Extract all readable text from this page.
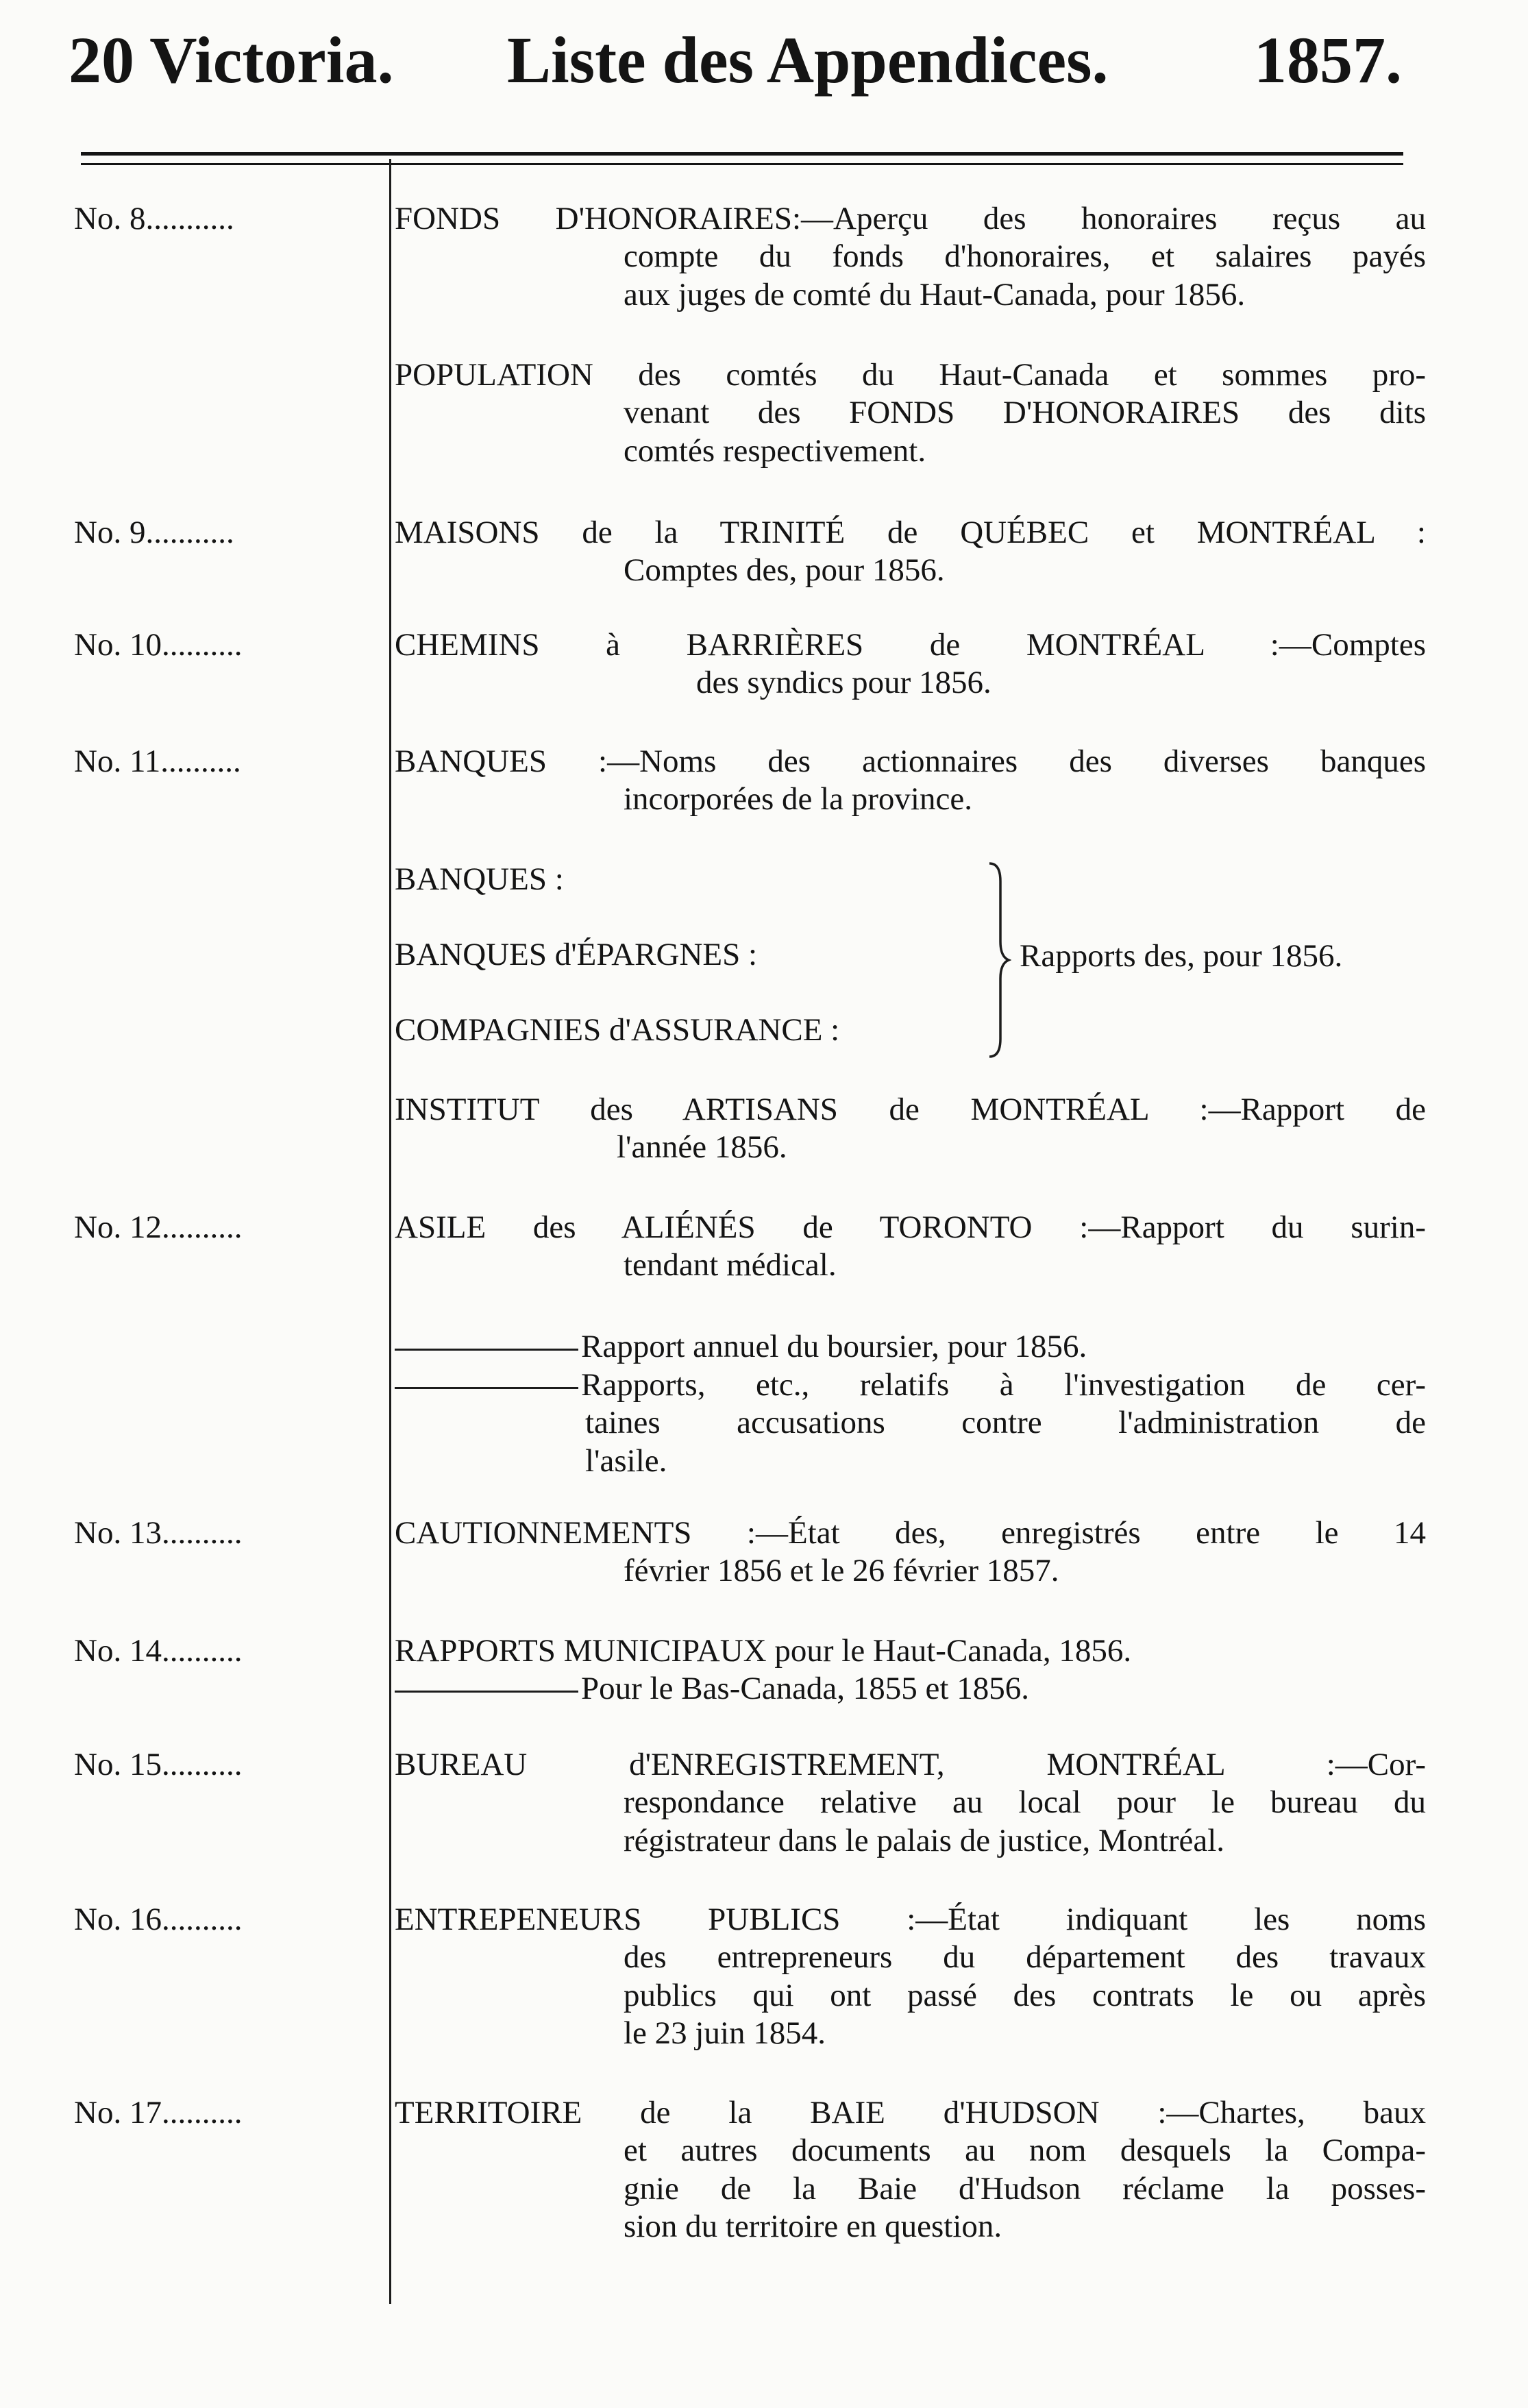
20 Victoria. Liste des Appendices. 1857.
No. 8...........	FONDS D'HONORAIRES:—Aperçu des honoraires reçus au
compte du fonds d'honoraires, et salaires payés
aux juges de comté du Haut-Canada, pour 1856.
POPULATION des comtés du Haut-Canada et sommes pro-
venant des FONDS D'HONORAIRES des dits
comtés respectivement.
No. 9...........	MAISONS de la TRINITÉ de QUÉBEC et MONTRÉAL :
Comptes des, pour 1856.
No. 10..........	CHEMINS à BARRIÈRES de MONTRÉAL :—Comptes
des syndics pour 1856.
No. 11..........	BANQUES :—Noms des actionnaires des diverses banques
incorporées de la province.
BANQUES :
BANQUES d'ÉPARGNES :
COMPAGNIES d'ASSURANCE :
Rapports des, pour 1856.
INSTITUT des ARTISANS de MONTRÉAL :—Rapport de
l'année 1856.
No. 12..........	ASILE des ALIÉNÉS de TORONTO :—Rapport du surin-
tendant médical.
Rapport annuel du boursier, pour 1856.
Rapports, etc., relatifs à l'investigation de cer-
taines accusations contre l'administration de
l'asile.
No. 13..........	CAUTIONNEMENTS :—État des, enregistrés entre le 14
février 1856 et le 26 février 1857.
No. 14..........	RAPPORTS MUNICIPAUX pour le Haut-Canada, 1856.
Pour le Bas-Canada, 1855 et 1856.
No. 15..........	BUREAU d'ENREGISTREMENT, MONTRÉAL :—Cor-
respondance relative au local pour le bureau du
régistrateur dans le palais de justice, Montréal.
No. 16..........	ENTREPENEURS PUBLICS :—État indiquant les noms
des entrepreneurs du département des travaux
publics qui ont passé des contrats le ou après
le 23 juin 1854.
No. 17..........	TERRITOIRE de la BAIE d'HUDSON :—Chartes, baux
et autres documents au nom desquels la Compa-
gnie de la Baie d'Hudson réclame la posses-
sion du territoire en question.
